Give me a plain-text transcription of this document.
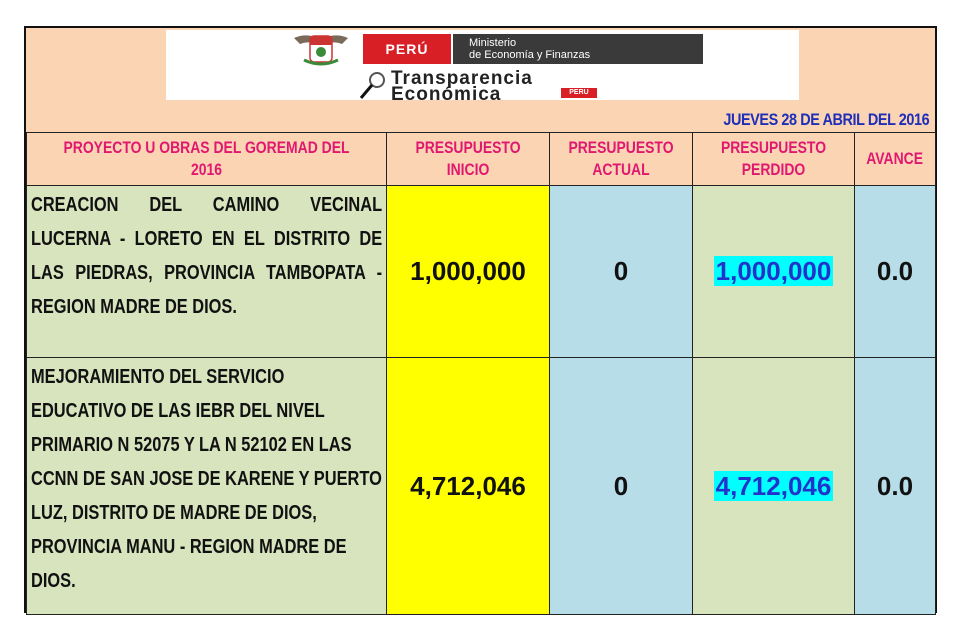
PERÚ	Ministerio
de Economía y Finanzas
Transparencia
Económica	PERU
JUEVES 28 DE ABRIL DEL 2016
PROYECTO U OBRAS DEL GOREMAD DEL 2016	PRESUPUESTO INICIO	PRESUPUESTO ACTUAL	PRESUPUESTO PERDIDO	AVANCE

CREACION DEL CAMINO VECINAL LUCERNA - LORETO EN EL DISTRITO DE LAS PIEDRAS, PROVINCIA TAMBOPATA - REGION MADRE DE DIOS.	1,000,000	0	1,000,000	0.0

MEJORAMIENTO DEL SERVICIO EDUCATIVO DE LAS IEBR DEL NIVEL PRIMARIO N 52075 Y LA N 52102 EN LAS CCNN DE SAN JOSE DE KARENE Y PUERTO LUZ, DISTRITO DE MADRE DE DIOS, PROVINCIA MANU - REGION MADRE DE DIOS.	4,712,046	0	4,712,046	0.0
